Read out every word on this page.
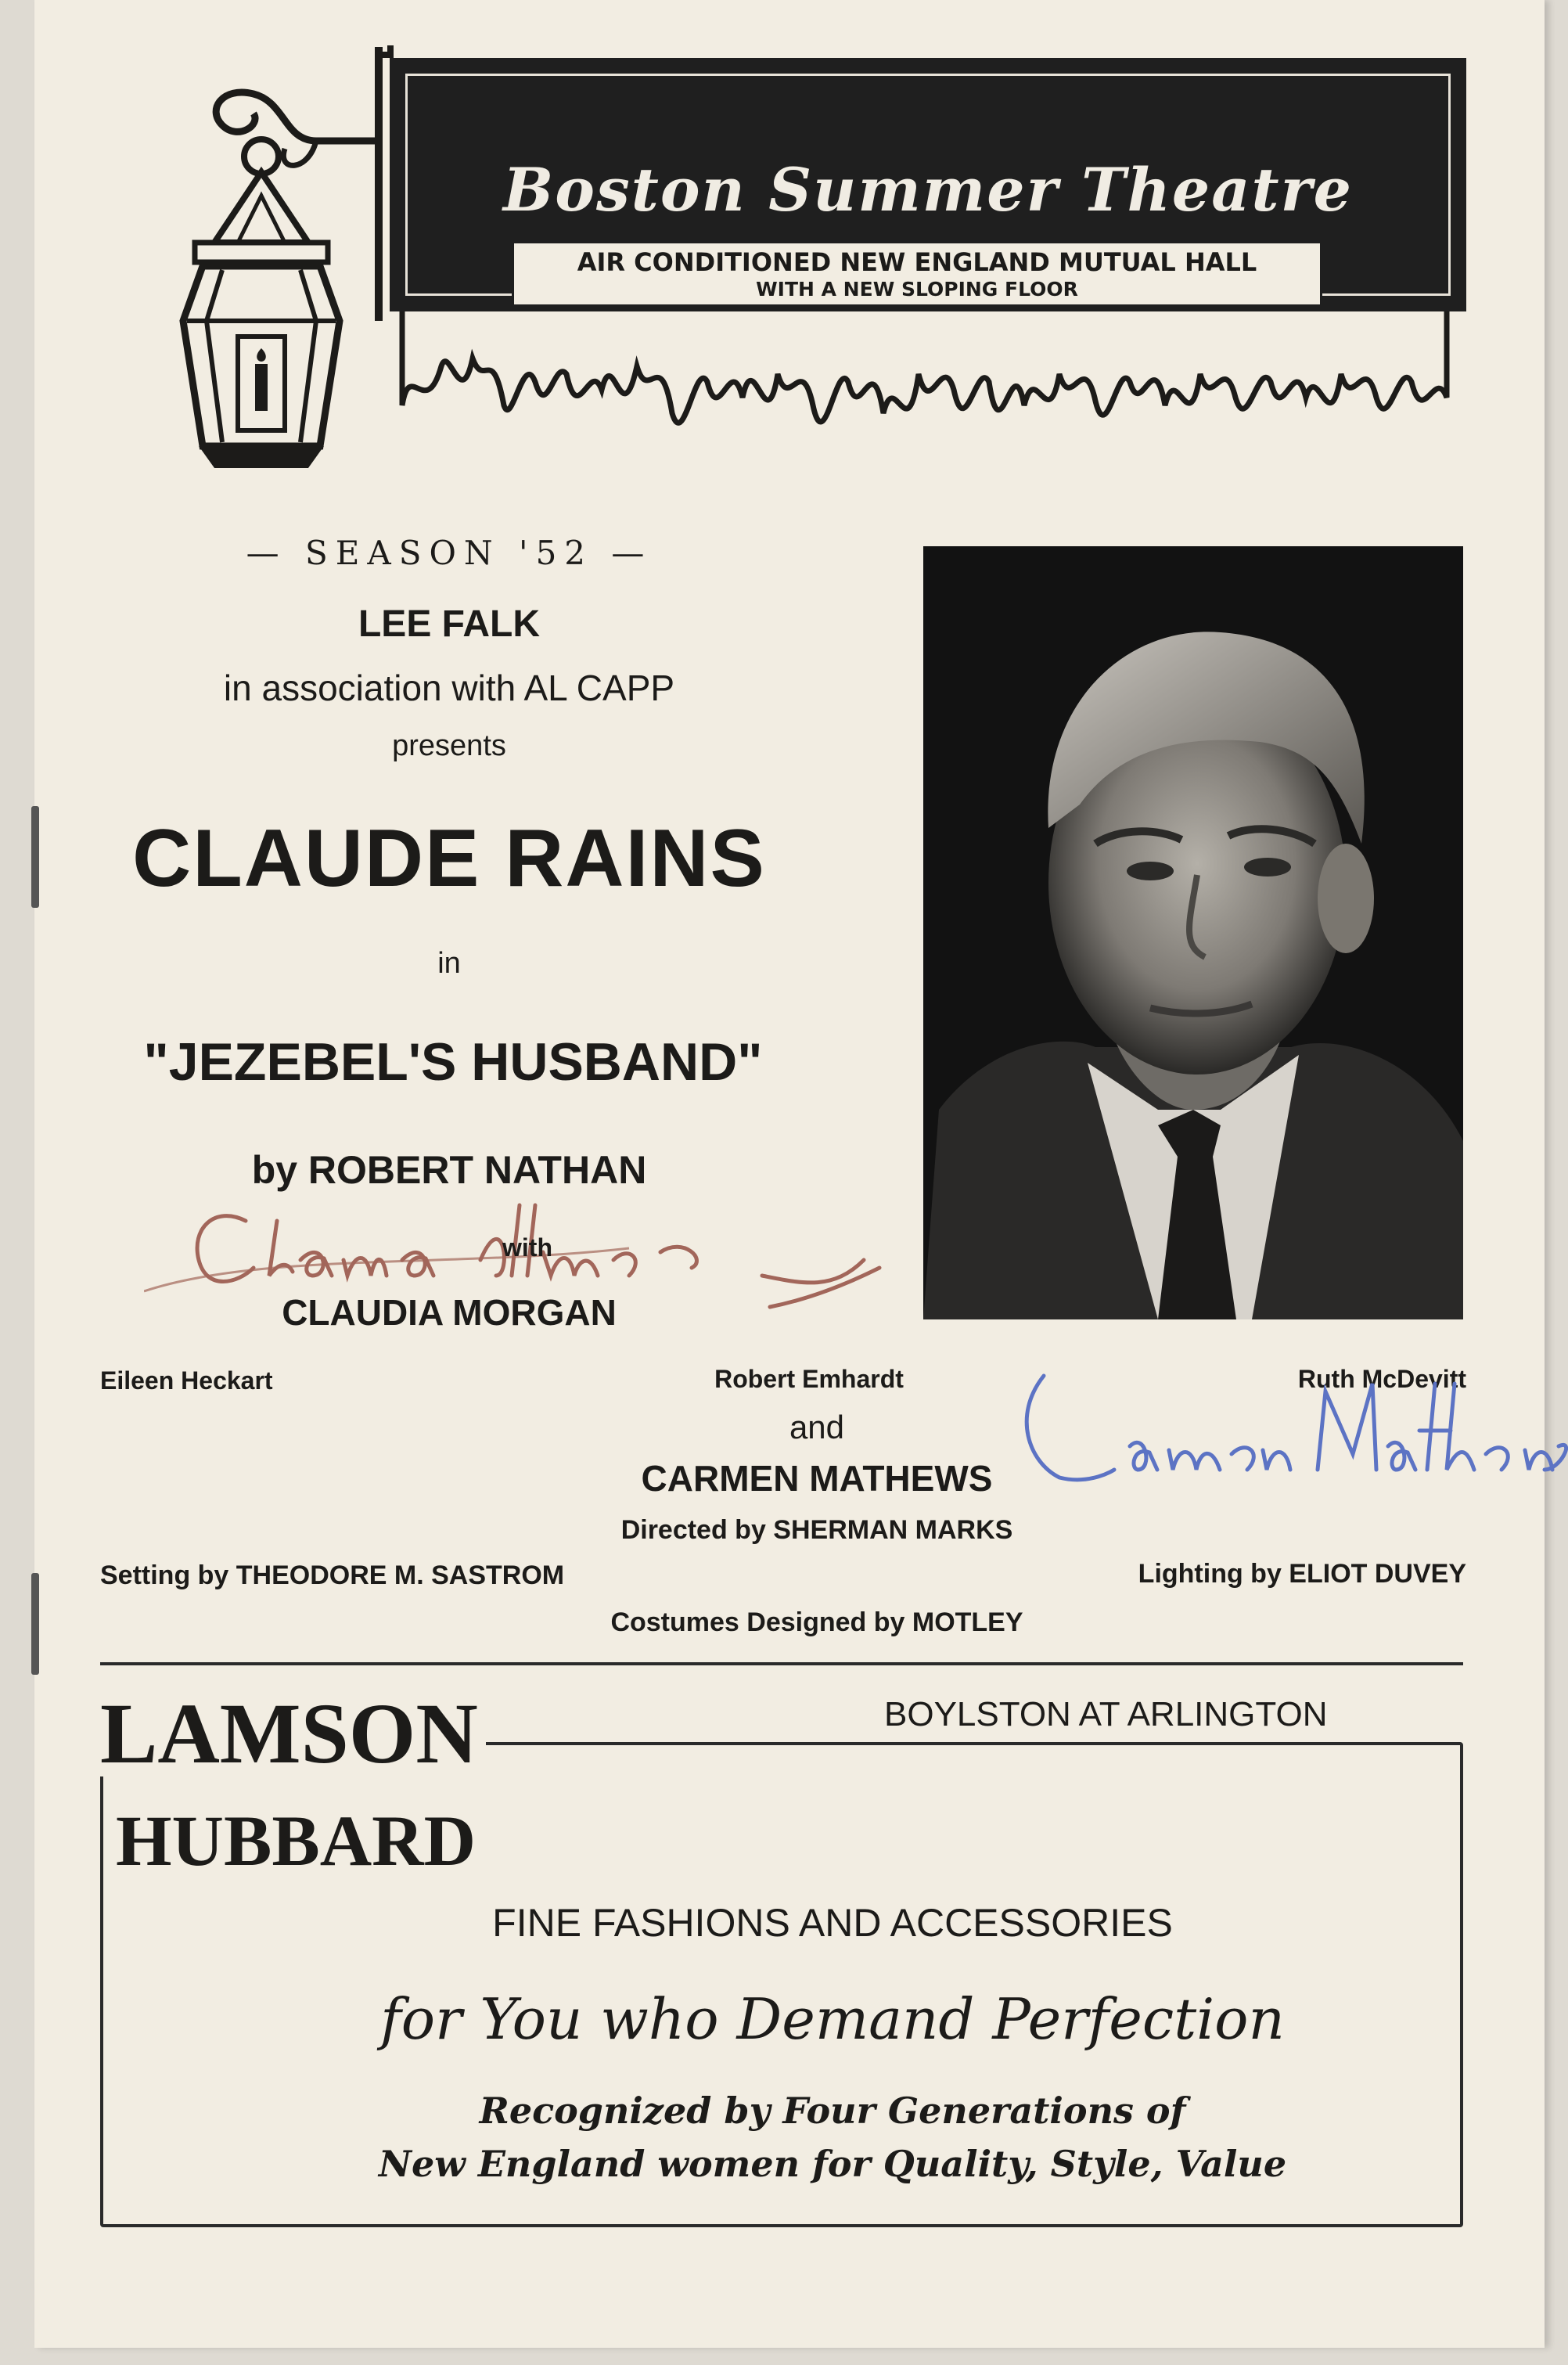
Boston Summer Theatre
AIR CONDITIONED NEW ENGLAND MUTUAL HALL
WITH A NEW SLOPING FLOOR
— SEASON '52 —
LEE FALK
in association with AL CAPP
presents
CLAUDE RAINS
in
"JEZEBEL'S HUSBAND"
by ROBERT NATHAN
with
CLAUDIA MORGAN
Eileen Heckart	Robert Emhardt	Ruth McDevitt
and
CARMEN MATHEWS
Directed by SHERMAN MARKS
Setting by THEODORE M. SASTROM	Lighting by ELIOT DUVEY
Costumes Designed by MOTLEY
LAMSON
HUBBARD
BOYLSTON AT ARLINGTON
FINE FASHIONS AND ACCESSORIES
for You who Demand Perfection
Recognized by Four Generations of
New England women for Quality, Style, Value
